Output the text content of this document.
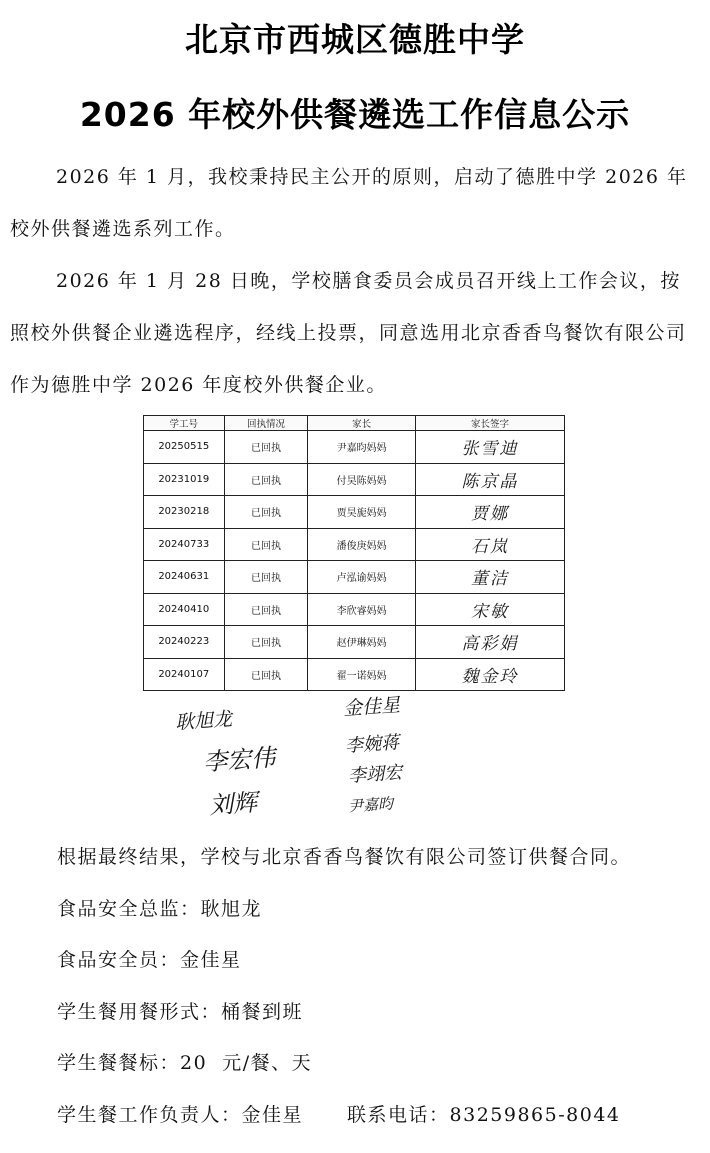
北京市西城区德胜中学
2026 年校外供餐遴选工作信息公示

2026 年 1 月，我校秉持民主公开的原则，启动了德胜中学 2026 年校外供餐遴选系列工作。

2026 年 1 月 28 日晚，学校膳食委员会成员召开线上工作会议，按照校外供餐企业遴选程序，经线上投票，同意选用北京香香鸟餐饮有限公司作为德胜中学 2026 年度校外供餐企业。

学工号	回执情况	家长	家长签字
20250515	已回执	尹嘉昀妈妈	张雪迪
20231019	已回执	付昊陈妈妈	陈京晶
20230218	已回执	贾昊旎妈妈	贾娜
20240733	已回执	潘俊庚妈妈	石岚
20240631	已回执	卢泓谕妈妈	董洁
20240410	已回执	李欣睿妈妈	宋敏
20240223	已回执	赵伊琳妈妈	高彩娟
20240107	已回执	翟一诺妈妈	魏金玲
耿旭龙
金佳星
李宏伟	李婉蒋
李翊宏
刘辉	尹嘉昀
根据最终结果，学校与北京香香鸟餐饮有限公司签订供餐合同。
食品安全总监：耿旭龙
食品安全员：金佳星
学生餐用餐形式：桶餐到班
学生餐餐标：20  元/餐、天
学生餐工作负责人：金佳星 联系电话：83259865-8044
